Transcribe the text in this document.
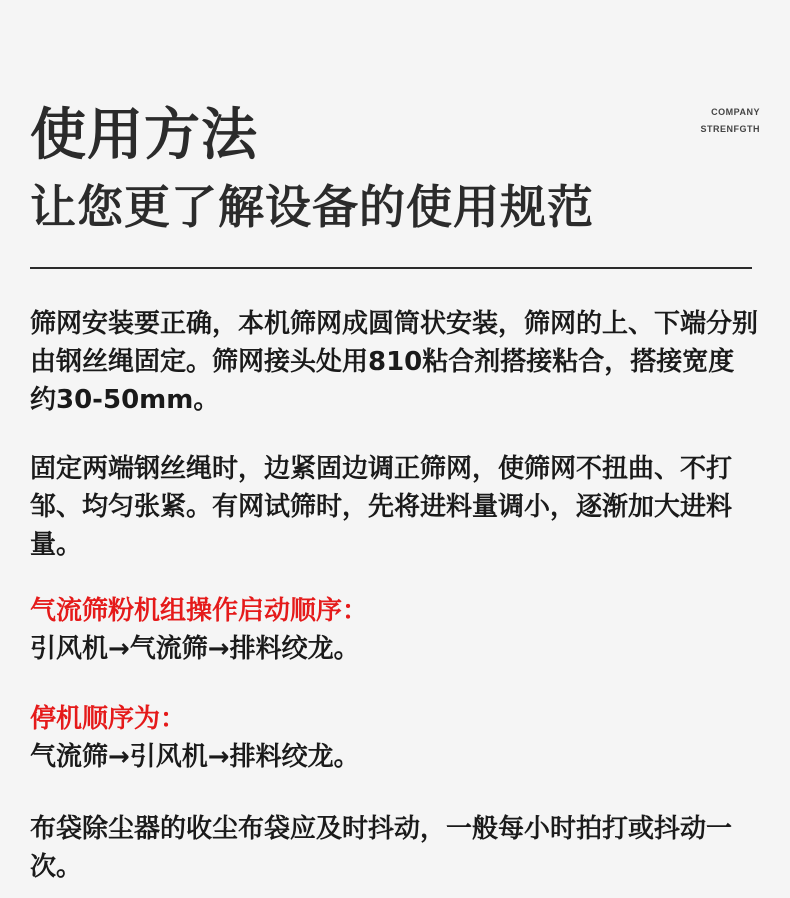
使用方法
让您更了解设备的使用规范
COMPANY
STRENFGTH
筛网安装要正确，本机筛网成圆筒状安装，筛网的上、下端分别由钢丝绳固定。筛网接头处用810粘合剂搭接粘合，搭接宽度约30-50mm。
固定两端钢丝绳时，边紧固边调正筛网，使筛网不扭曲、不打邹、均匀张紧。有网试筛时，先将进料量调小，逐渐加大进料量。
气流筛粉机组操作启动顺序：
引风机→气流筛→排料绞龙。
停机顺序为：
气流筛→引风机→排料绞龙。
布袋除尘器的收尘布袋应及时抖动，一般每小时拍打或抖动一次。
